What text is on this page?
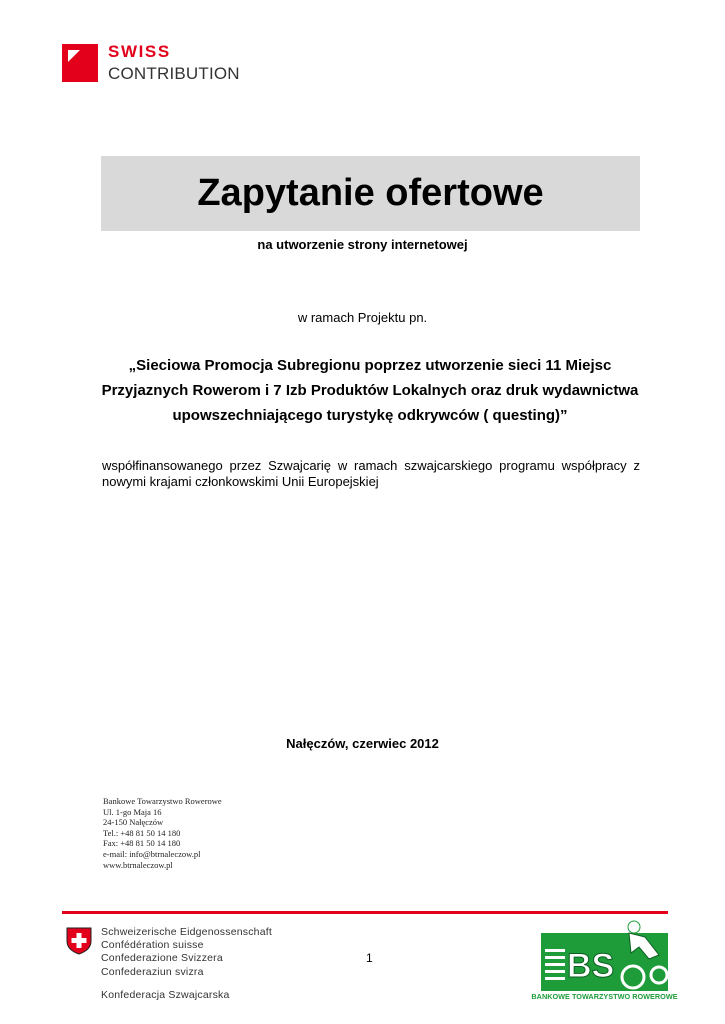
SWISS
CONTRIBUTION
Zapytanie ofertowe
na utworzenie strony internetowej
w ramach Projektu pn.
„Sieciowa Promocja Subregionu poprzez utworzenie sieci 11 Miejsc Przyjaznych Rowerom i 7 Izb Produktów Lokalnych oraz druk wydawnictwa upowszechniającego turystykę odkrywców ( questing)”
współfinansowanego przez Szwajcarię w ramach szwajcarskiego programu współpracy z nowymi krajami członkowskimi Unii Europejskiej
Nałęczów, czerwiec 2012
Bankowe Towarzystwo Rowerowe
Ul. 1-go Maja 16
24-150 Nałęczów
Tel.: +48 81 50 14 180
Fax: +48 81 50 14 180
e-mail: info@btrnaleczow.pl
www.btrnaleczow.pl
Schweizerische Eidgenossenschaft
Confédération suisse
Confederazione Svizzera
Confederaziun svizra
Konfederacja Szwajcarska
1	BS
BANKOWE TOWARZYSTWO ROWEROWE
